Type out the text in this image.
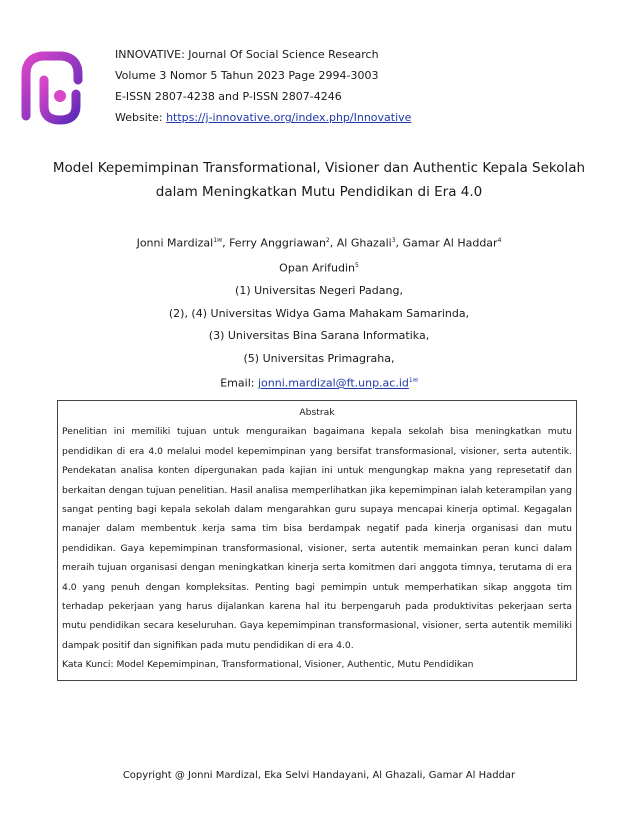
INNOVATIVE: Journal Of Social Science Research
Volume 3 Nomor 5 Tahun 2023 Page 2994-3003
E-ISSN 2807-4238 and P-ISSN 2807-4246
Website: https://j-innovative.org/index.php/Innovative
Model Kepemimpinan Transformational, Visioner dan Authentic Kepala Sekolah
dalam Meningkatkan Mutu Pendidikan di Era 4.0
Jonni Mardizal$^{1✉}$, Ferry Anggriawan$^2$, Al Ghazali$^3$, Gamar Al Haddar$^4$
Opan Arifudin$^5$
(1) Universitas Negeri Padang,
(2), (4) Universitas Widya Gama Mahakam Samarinda,
(3) Universitas Bina Sarana Informatika,
(5) Universitas Primagraha,
Email: $jonni.mardizal@ft.unp.ac.id^{1✉}$
Abstrak
Penelitian ini memiliki tujuan untuk menguraikan bagaimana kepala sekolah bisa meningkatkan mutu pendidikan di era 4.0 melalui model kepemimpinan yang bersifat transformasional, visioner, serta autentik. Pendekatan analisa konten dipergunakan pada kajian ini untuk mengungkap makna yang represetatif dan berkaitan dengan tujuan penelitian. Hasil analisa memperlihatkan jika kepemimpinan ialah keterampilan yang sangat penting bagi kepala sekolah dalam mengarahkan guru supaya mencapai kinerja optimal. Kegagalan manajer dalam membentuk kerja sama tim bisa berdampak negatif pada kinerja organisasi dan mutu pendidikan. Gaya kepemimpinan transformasional, visioner, serta autentik memainkan peran kunci dalam meraih tujuan organisasi dengan meningkatkan kinerja serta komitmen dari anggota timnya, terutama di era 4.0 yang penuh dengan kompleksitas. Penting bagi pemimpin untuk memperhatikan sikap anggota tim terhadap pekerjaan yang harus dijalankan karena hal itu berpengaruh pada produktivitas pekerjaan serta mutu pendidikan secara keseluruhan. Gaya kepemimpinan transformasional, visioner, serta autentik memiliki dampak positif dan signifikan pada mutu pendidikan di era 4.0.
Kata Kunci: Model Kepemimpinan, Transformational, Visioner, Authentic, Mutu Pendidikan
Copyright @ Jonni Mardizal, Eka Selvi Handayani, Al Ghazali, Gamar Al Haddar
